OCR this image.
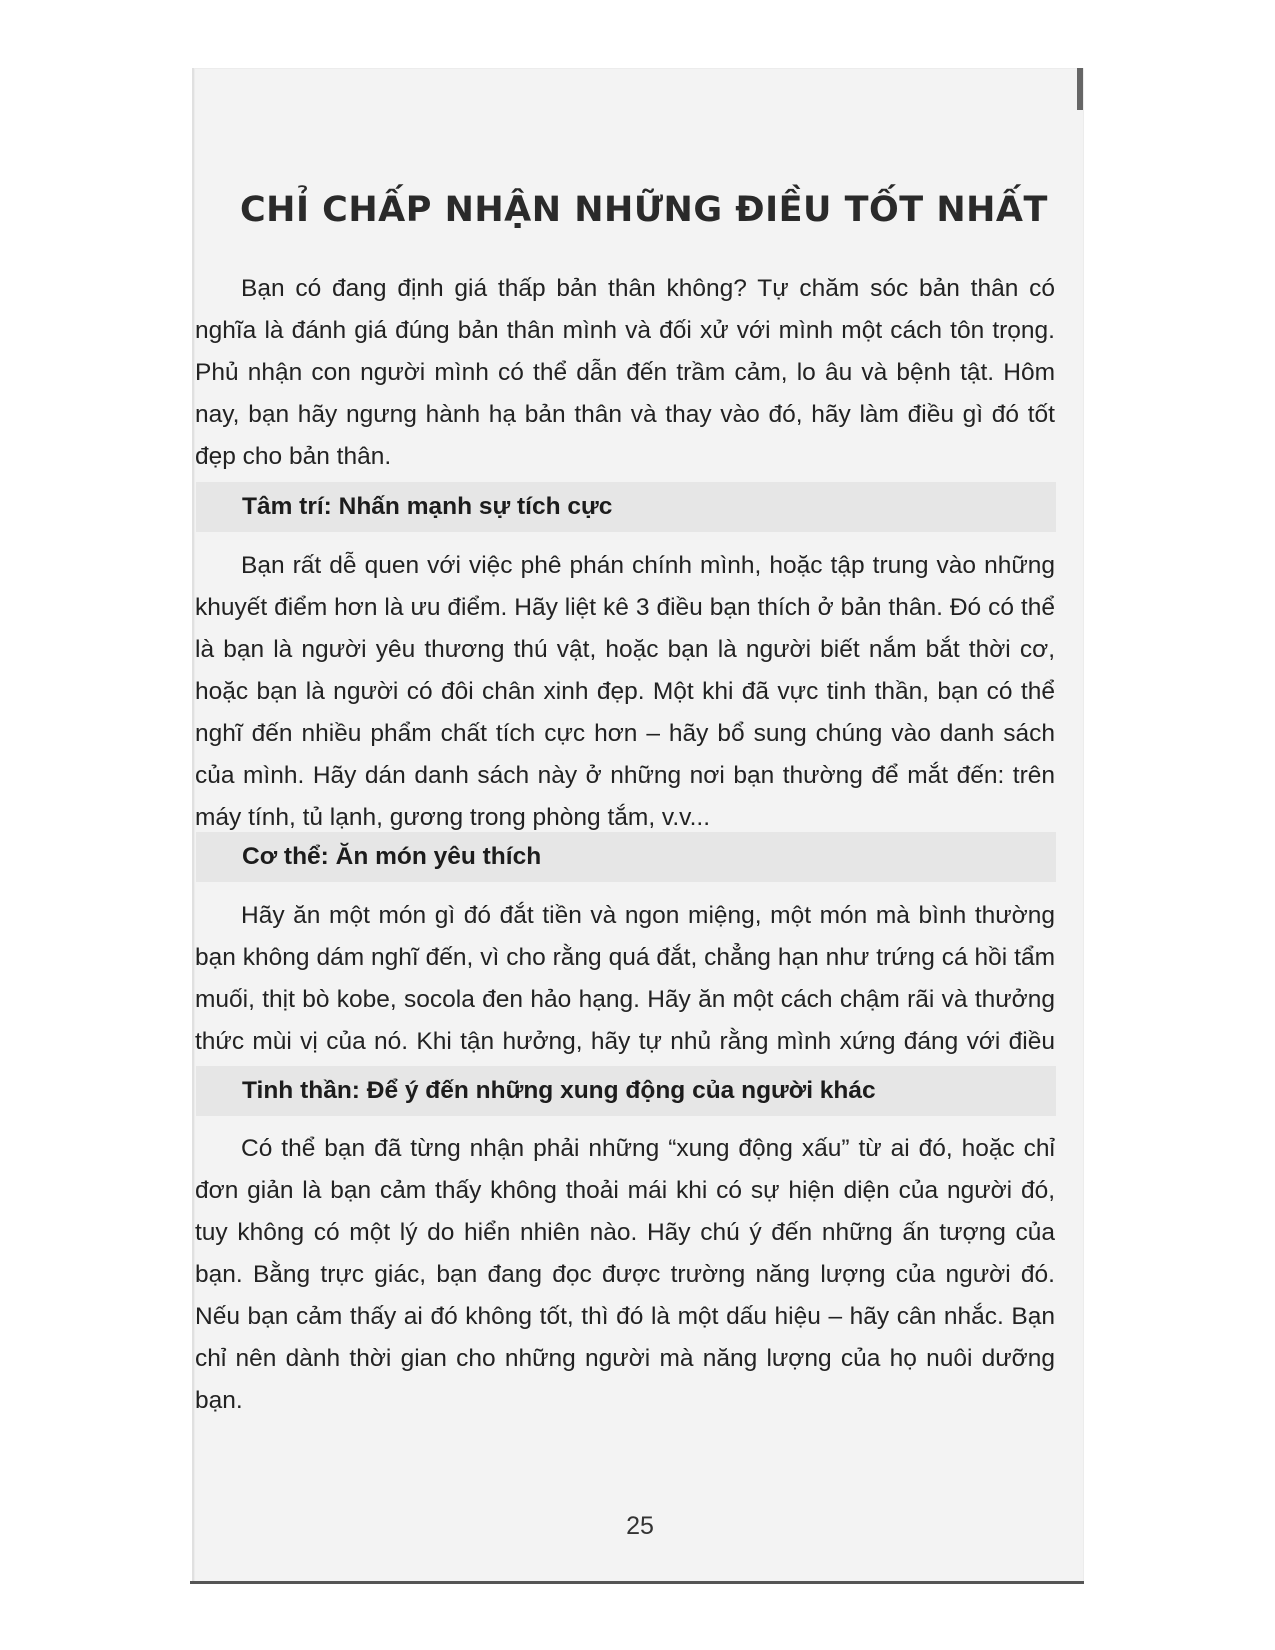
CHỈ CHẤP NHẬN NHỮNG ĐIỀU TỐT NHẤT

Bạn có đang định giá thấp bản thân không? Tự chăm sóc bản thân có nghĩa là đánh giá đúng bản thân mình và đối xử với mình một cách tôn trọng. Phủ nhận con người mình có thể dẫn đến trầm cảm, lo âu và bệnh tật. Hôm nay, bạn hãy ngưng hành hạ bản thân và thay vào đó, hãy làm điều gì đó tốt đẹp cho bản thân.

Tâm trí: Nhấn mạnh sự tích cực

Bạn rất dễ quen với việc phê phán chính mình, hoặc tập trung vào những khuyết điểm hơn là ưu điểm. Hãy liệt kê 3 điều bạn thích ở bản thân. Đó có thể là bạn là người yêu thương thú vật, hoặc bạn là người biết nắm bắt thời cơ, hoặc bạn là người có đôi chân xinh đẹp. Một khi đã vực tinh thần, bạn có thể nghĩ đến nhiều phẩm chất tích cực hơn – hãy bổ sung chúng vào danh sách của mình. Hãy dán danh sách này ở những nơi bạn thường để mắt đến: trên máy tính, tủ lạnh, gương trong phòng tắm, v.v...

Cơ thể: Ăn món yêu thích

Hãy ăn một món gì đó đắt tiền và ngon miệng, một món mà bình thường bạn không dám nghĩ đến, vì cho rằng quá đắt, chẳng hạn như trứng cá hồi tẩm muối, thịt bò kobe, socola đen hảo hạng. Hãy ăn một cách chậm rãi và thưởng thức mùi vị của nó. Khi tận hưởng, hãy tự nhủ rằng mình xứng đáng với điều

Tinh thần: Để ý đến những xung động của người khác

Có thể bạn đã từng nhận phải những “xung động xấu” từ ai đó, hoặc chỉ đơn giản là bạn cảm thấy không thoải mái khi có sự hiện diện của người đó, tuy không có một lý do hiển nhiên nào. Hãy chú ý đến những ấn tượng của bạn. Bằng trực giác, bạn đang đọc được trường năng lượng của người đó. Nếu bạn cảm thấy ai đó không tốt, thì đó là một dấu hiệu – hãy cân nhắc. Bạn chỉ nên dành thời gian cho những người mà năng lượng của họ nuôi dưỡng bạn.

25
